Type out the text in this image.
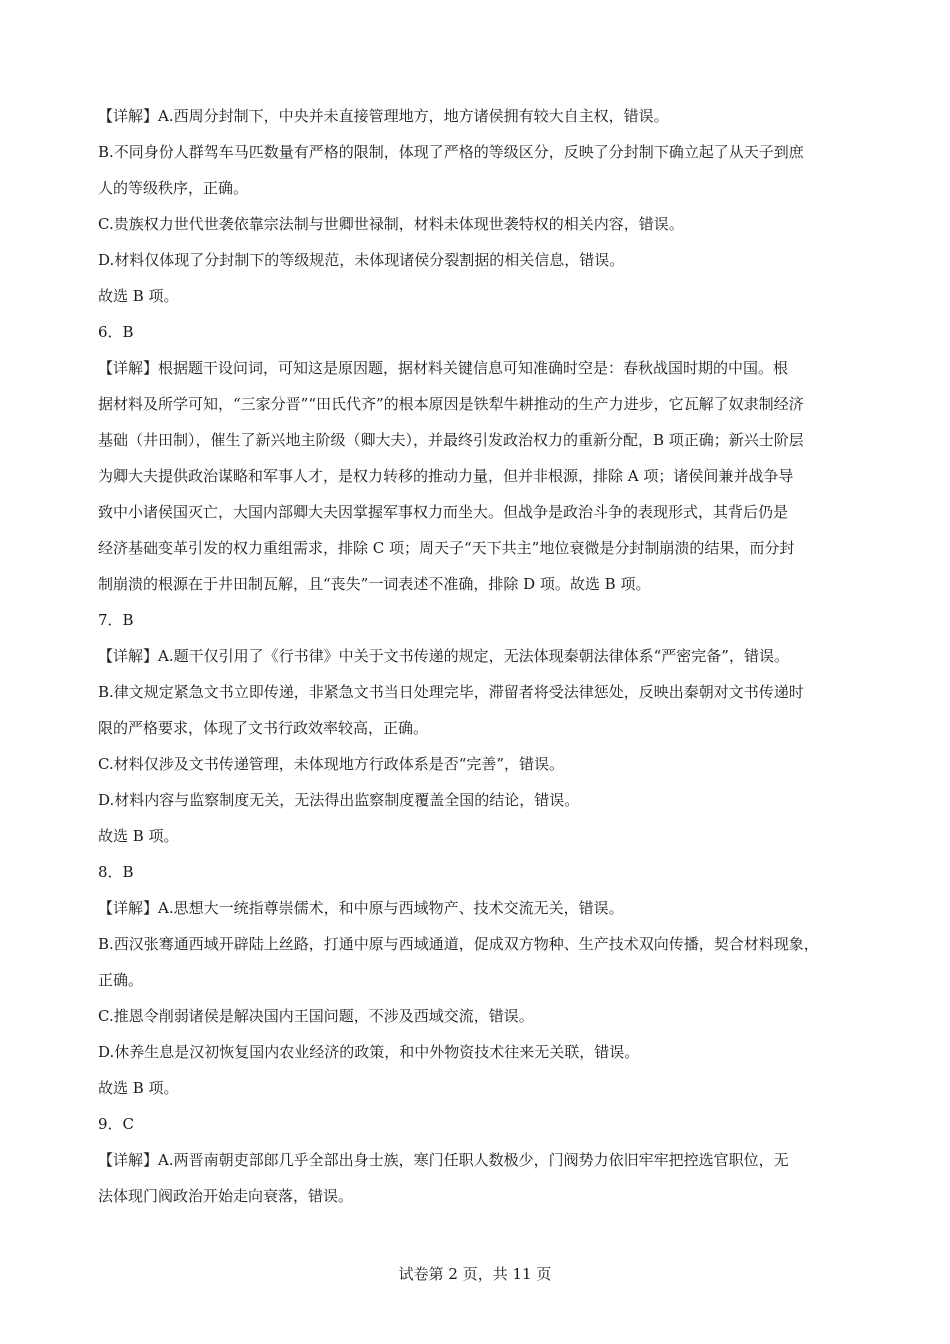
【详解】A.西周分封制下，中央并未直接管理地方，地方诸侯拥有较大自主权，错误。
B.不同身份人群驾车马匹数量有严格的限制，体现了严格的等级区分，反映了分封制下确立起了从天子到庶
人的等级秩序，正确。
C.贵族权力世代世袭依靠宗法制与世卿世禄制，材料未体现世袭特权的相关内容，错误。
D.材料仅体现了分封制下的等级规范，未体现诸侯分裂割据的相关信息，错误。
故选 B 项。
6．B
【详解】根据题干设问词，可知这是原因题，据材料关键信息可知准确时空是：春秋战国时期的中国。根
据材料及所学可知，“三家分晋”“田氏代齐”的根本原因是铁犁牛耕推动的生产力进步，它瓦解了奴隶制经济
基础（井田制），催生了新兴地主阶级（卿大夫），并最终引发政治权力的重新分配，B 项正确；新兴士阶层
为卿大夫提供政治谋略和军事人才，是权力转移的推动力量，但并非根源，排除 A 项；诸侯间兼并战争导
致中小诸侯国灭亡，大国内部卿大夫因掌握军事权力而坐大。但战争是政治斗争的表现形式，其背后仍是
经济基础变革引发的权力重组需求，排除 C 项；周天子“天下共主”地位衰微是分封制崩溃的结果，而分封
制崩溃的根源在于井田制瓦解，且“丧失”一词表述不准确，排除 D 项。故选 B 项。
7．B
【详解】A.题干仅引用了《行书律》中关于文书传递的规定，无法体现秦朝法律体系“严密完备”，错误。
B.律文规定紧急文书立即传递，非紧急文书当日处理完毕，滞留者将受法律惩处，反映出秦朝对文书传递时
限的严格要求，体现了文书行政效率较高，正确。
C.材料仅涉及文书传递管理，未体现地方行政体系是否“完善”，错误。
D.材料内容与监察制度无关，无法得出监察制度覆盖全国的结论，错误。
故选 B 项。
8．B
【详解】A.思想大一统指尊崇儒术，和中原与西域物产、技术交流无关，错误。
B.西汉张骞通西域开辟陆上丝路，打通中原与西域通道，促成双方物种、生产技术双向传播，契合材料现象，
正确。
C.推恩令削弱诸侯是解决国内王国问题，不涉及西域交流，错误。
D.休养生息是汉初恢复国内农业经济的政策，和中外物资技术往来无关联，错误。
故选 B 项。
9．C
【详解】A.两晋南朝吏部郎几乎全部出身士族，寒门任职人数极少，门阀势力依旧牢牢把控选官职位，无
法体现门阀政治开始走向衰落，错误。
试卷第 2 页，共 11 页
